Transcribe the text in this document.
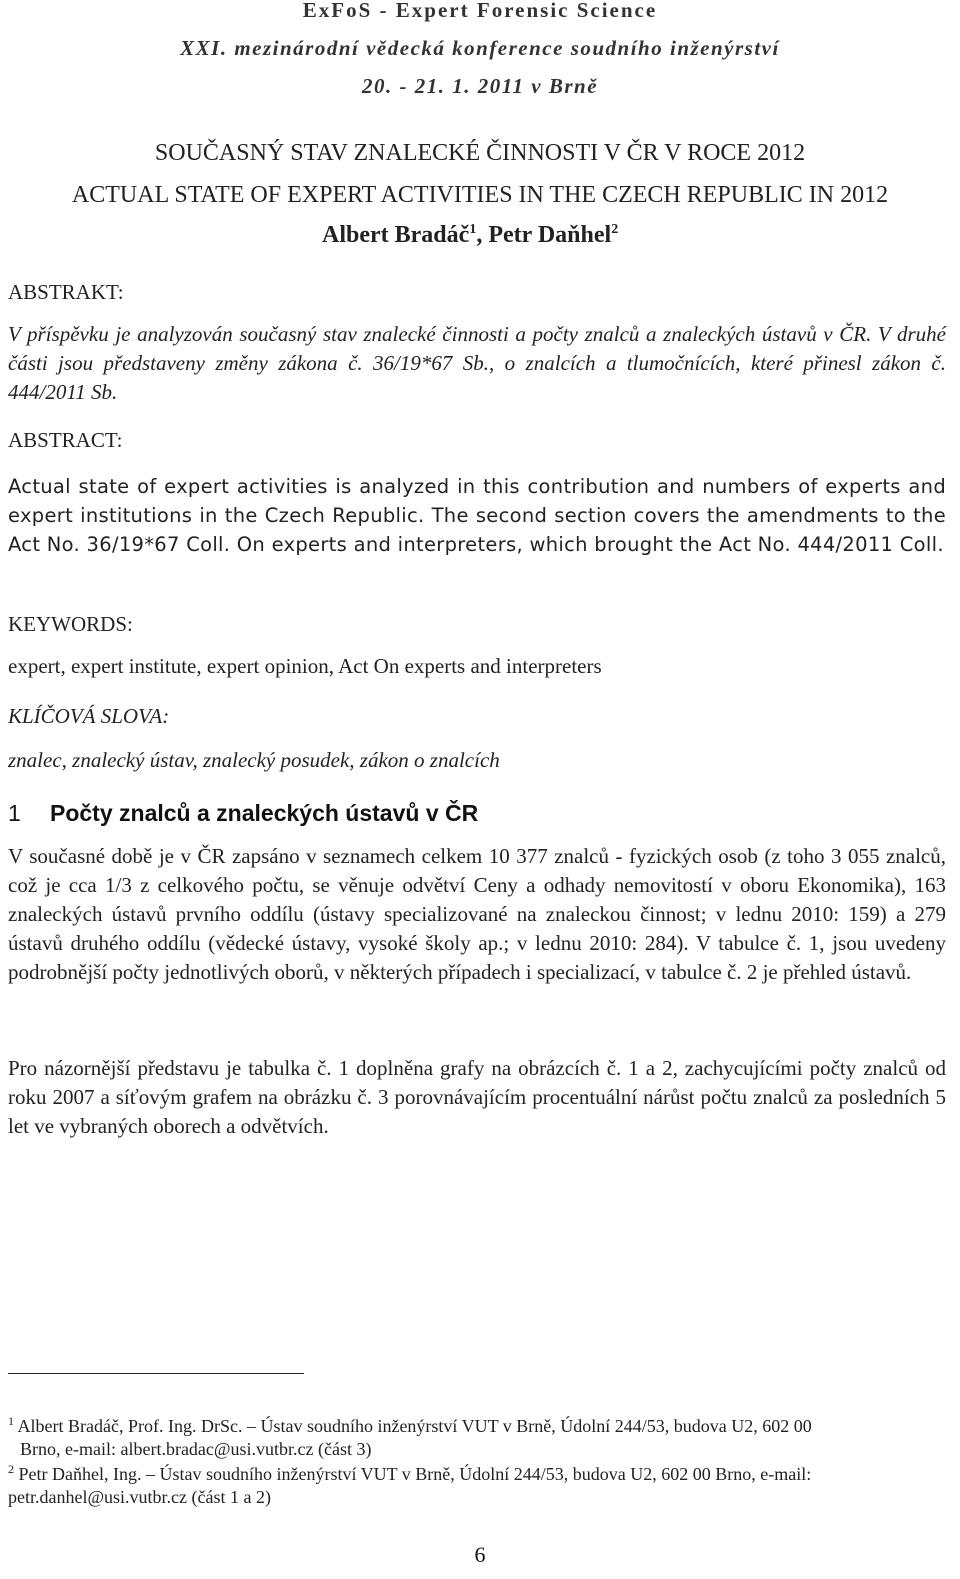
ExFoS - Expert Forensic Science
XXI. mezinárodní vědecká konference soudního inženýrství
20. - 21. 1. 2011 v Brně
SOUČASNÝ STAV ZNALECKÉ ČINNOSTI V ČR V ROCE 2012
ACTUAL STATE OF EXPERT ACTIVITIES IN THE CZECH REPUBLIC IN 2012
Albert Bradáč$^1$, Petr Daňhel$^2$
ABSTRAKT:
V příspěvku je analyzován současný stav znalecké činnosti a počty znalců a znaleckých ústavů v ČR. V druhé části jsou představeny změny zákona č. 36/19*67 Sb., o znalcích a tlumočnících, které přinesl zákon č. 444/2011 Sb.
ABSTRACT:
Actual state of expert activities is analyzed in this contribution and numbers of experts and expert institutions in the Czech Republic. The second section covers the amendments to the Act No. 36/19*67 Coll. On experts and interpreters, which brought the Act No. 444/2011 Coll.
KEYWORDS:
expert, expert institute, expert opinion, Act On experts and interpreters
KLÍČOVÁ SLOVA:
znalec, znalecký ústav, znalecký posudek, zákon o znalcích
1 Počty znalců a znaleckých ústavů v ČR
V současné době je v ČR zapsáno v seznamech celkem 10 377 znalců - fyzických osob (z toho 3 055 znalců, což je cca 1/3 z celkového počtu, se věnuje odvětví Ceny a odhady nemovitostí v oboru Ekonomika), 163 znaleckých ústavů prvního oddílu (ústavy specializované na znaleckou činnost; v lednu 2010: 159) a 279 ústavů druhého oddílu (vědecké ústavy, vysoké školy ap.; v lednu 2010: 284). V tabulce č. 1, jsou uvedeny podrobnější počty jednotlivých oborů, v některých případech i specializací, v tabulce č. 2 je přehled ústavů.
Pro názornější představu je tabulka č. 1 doplněna grafy na obrázcích č. 1 a 2, zachycujícími počty znalců od roku 2007 a síťovým grafem na obrázku č. 3 porovnávajícím procentuální nárůst počtu znalců za posledních 5 let ve vybraných oborech a odvětvích.
$^1$ Albert Bradáč, Prof. Ing. DrSc. – Ústav soudního inženýrství VUT v Brně, Údolní 244/53, budova U2, 602 00
Brno, e-mail: albert.bradac@usi.vutbr.cz (část 3)
$^2$ Petr Daňhel, Ing. – Ústav soudního inženýrství VUT v Brně, Údolní 244/53, budova U2, 602 00 Brno, e-mail:
petr.danhel@usi.vutbr.cz (část 1 a 2)
6
